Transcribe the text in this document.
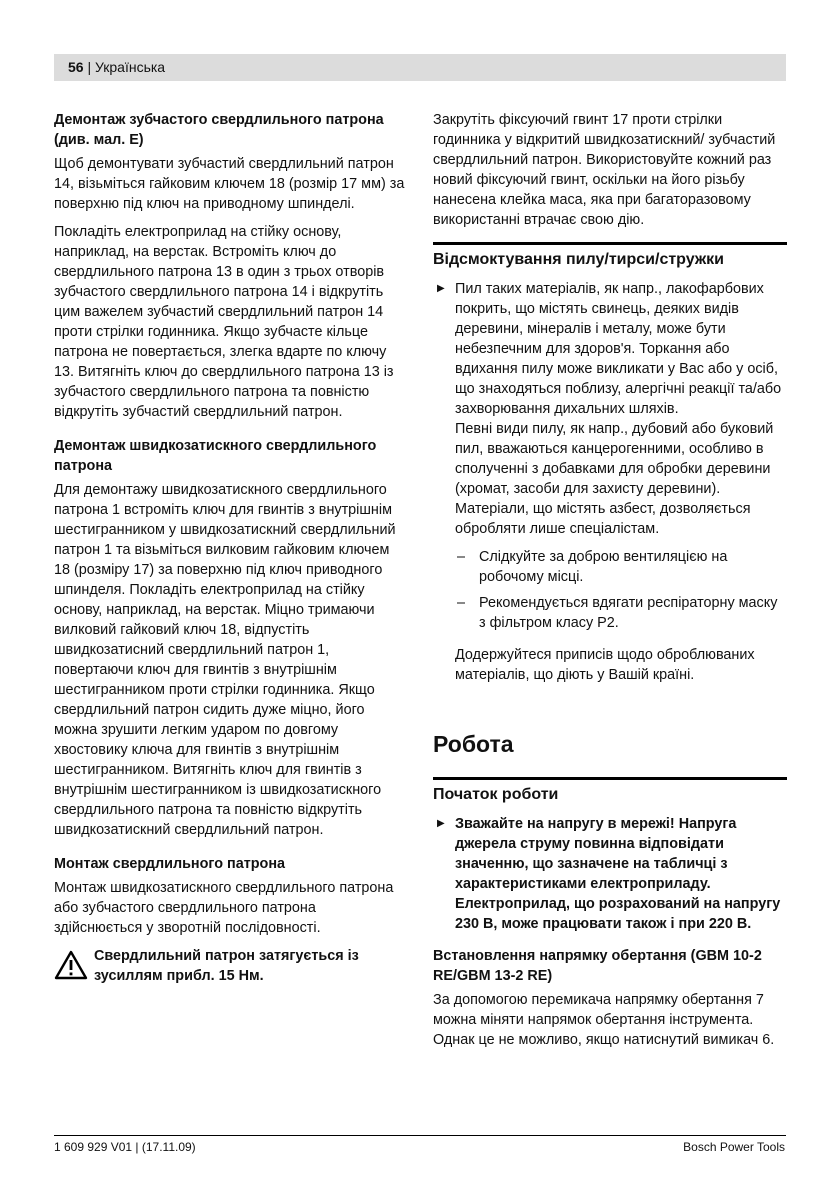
56 | Українська

Демонтаж зубчастого свердлильного патрона (див. мал. E)

Щоб демонтувати зубчастий свердлильний патрон 14, візьміться гайковим ключем 18 (розмір 17 мм) за поверхню під ключ на приводному шпинделі.

Покладіть електроприлад на стійку основу, наприклад, на верстак. Встроміть ключ до свердлильного патрона 13 в один з трьох отворів зубчастого свердлильного патрона 14 і відкрутіть цим важелем зубчастий свердлильний патрон 14 проти стрілки годинника. Якщо зубчасте кільце патрона не повертається, злегка вдарте по ключу 13. Витягніть ключ до свердлильного патрона 13 із зубчастого свердлильного патрона та повністю відкрутіть зубчастий свердлильний патрон.

Демонтаж швидкозатискного свердлильного патрона

Для демонтажу швидкозатискного свердлильного патрона 1 встроміть ключ для гвинтів з внутрішнім шестигранником у швидкозатискний свердлильний патрон 1 та візьміться вилковим гайковим ключем 18 (розміру 17) за поверхню під ключ приводного шпинделя. Покладіть електроприлад на стійку основу, наприклад, на верстак. Міцно тримаючи вилковий гайковий ключ 18, відпустіть швидкозатисний свердлильний патрон 1, повертаючи ключ для гвинтів з внутрішнім шестигранником проти стрілки годинника. Якщо свердлильний патрон сидить дуже міцно, його можна зрушити легким ударом по довгому хвостовику ключа для гвинтів з внутрішнім шестигранником. Витягніть ключ для гвинтів з внутрішнім шестигранником із швидкозатискного свердлильного патрона та повністю відкрутіть швидкозатискний свердлильний патрон.

Монтаж свердлильного патрона

Монтаж швидкозатискного свердлильного патрона або зубчастого свердлильного патрона здійснюється у зворотній послідовності.

Свердлильний патрон затягується із зусиллям прибл. 15 Нм.

Закрутіть фіксуючий гвинт 17 проти стрілки годинника у відкритий швидкозатискний/ зубчастий свердлильний патрон. Використовуйте кожний раз новий фіксуючий гвинт, оскільки на його різьбу нанесена клейка маса, яка при багаторазовому використанні втрачає свою дію.

Відсмоктування пилу/тирси/стружки

▶ Пил таких матеріалів, як напр., лакофарбових покрить, що містять свинець, деяких видів деревини, мінералів і металу, може бути небезпечним для здоров'я. Торкання або вдихання пилу може викликати у Вас або у осіб, що знаходяться поблизу, алергічні реакції та/або захворювання дихальних шляхів.
Певні види пилу, як напр., дубовий або буковий пил, вважаються канцерогенними, особливо в сполученні з добавками для обробки деревини (хромат, засоби для захисту деревини). Матеріали, що містять азбест, дозволяється обробляти лише спеціалістам.
– Слідкуйте за доброю вентиляцією на робочому місці.
– Рекомендується вдягати респіраторну маску з фільтром класу P2.

Додержуйтеся приписів щодо оброблюваних матеріалів, що діють у Вашій країні.

Робота

Початок роботи

▶ Зважайте на напругу в мережі! Напруга джерела струму повинна відповідати значенню, що зазначене на табличці з характеристиками електроприладу. Електроприлад, що розрахований на напругу 230 В, може працювати також і при 220 В.

Встановлення напрямку обертання (GBM 10-2 RE/GBM 13-2 RE)

За допомогою перемикача напрямку обертання 7 можна міняти напрямок обертання інструмента. Однак це не можливо, якщо натиснутий вимикач 6.

1 609 929 V01 | (17.11.09)	Bosch Power Tools
